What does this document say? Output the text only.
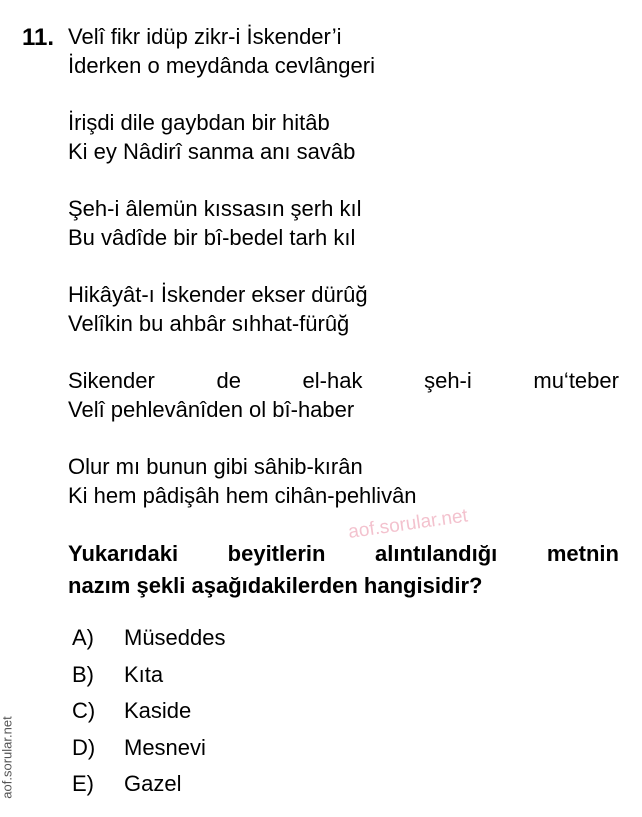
11. Velî fikr idüp zikr-i İskender’i
İderken o meydânda cevlângeri
İrişdi dile gaybdan bir hitâb
Ki ey Nâdirî sanma anı savâb
Şeh-i âlemün kıssasın şerh kıl
Bu vâdîde bir bî-bedel tarh kıl
Hikâyât-ı İskender ekser dürûğ
Velîkin bu ahbâr sıhhat-fürûğ
Sikender	de	el-hak	şeh-i	mu‘teber
Velî pehlevânîden ol bî-haber
Olur mı bunun gibi sâhib-kırân
Ki hem pâdişâh hem cihân-pehlivân
aof.sorular.net
Yukarıdaki beyitlerin alıntılandığı metnin
nazım şekli aşağıdakilerden hangisidir?
A)	Müseddes
B)	Kıta
C)	Kaside
D)	Mesnevi
E)	Gazel
aof.sorular.net
